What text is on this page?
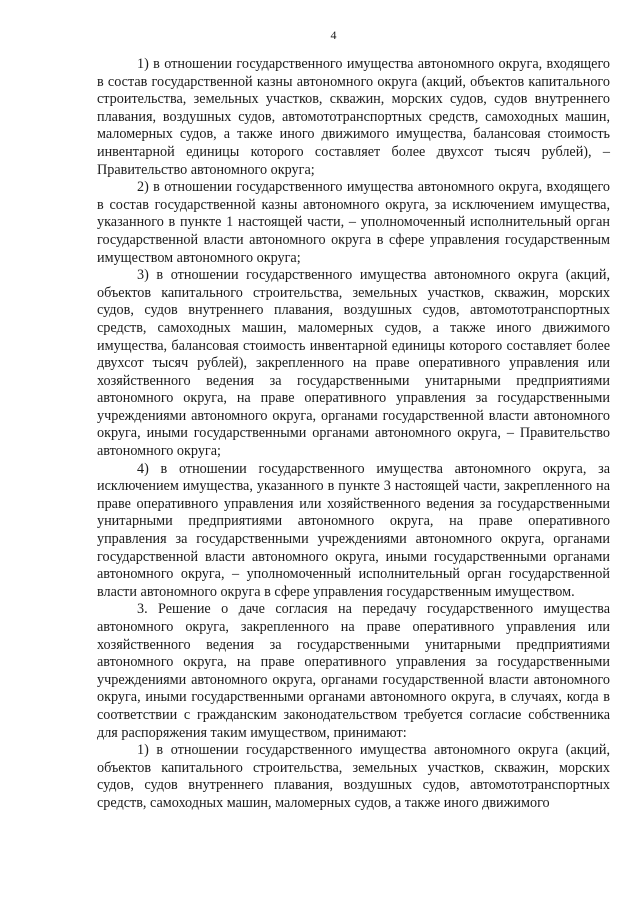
4

1) в отношении государственного имущества автономного округа, входящего в состав государственной казны автономного округа (акций, объектов капитального строительства, земельных участков, скважин, морских судов, судов внутреннего плавания, воздушных судов, автомототранспортных средств, самоходных машин, маломерных судов, а также иного движимого имущества, балансовая стоимость инвентарной единицы которого составляет более двухсот тысяч рублей), – Правительство автономного округа;

2) в отношении государственного имущества автономного округа, входящего в состав государственной казны автономного округа, за исключением имущества, указанного в пункте 1 настоящей части, – уполномоченный исполнительный орган государственной власти автономного округа в сфере управления государственным имуществом автономного округа;

3) в отношении государственного имущества автономного округа (акций, объектов капитального строительства, земельных участков, скважин, морских судов, судов внутреннего плавания, воздушных судов, автомототранспортных средств, самоходных машин, маломерных судов, а также иного движимого имущества, балансовая стоимость инвентарной единицы которого составляет более двухсот тысяч рублей), закрепленного на праве оперативного управления или хозяйственного ведения за государственными унитарными предприятиями автономного округа, на праве оперативного управления за государственными учреждениями автономного округа, органами государственной власти автономного округа, иными государственными органами автономного округа, – Правительство автономного округа;

4) в отношении государственного имущества автономного округа, за исключением имущества, указанного в пункте 3 настоящей части, закрепленного на праве оперативного управления или хозяйственного ведения за государственными унитарными предприятиями автономного округа, на праве оперативного управления за государственными учреждениями автономного округа, органами государственной власти автономного округа, иными государственными органами автономного округа, – уполномоченный исполнительный орган государственной власти автономного округа в сфере управления государственным имуществом.

3. Решение о даче согласия на передачу государственного имущества автономного округа, закрепленного на праве оперативного управления или хозяйственного ведения за государственными унитарными предприятиями автономного округа, на праве оперативного управления за государственными учреждениями автономного округа, органами государственной власти автономного округа, иными государственными органами автономного округа, в случаях, когда в соответствии с гражданским законодательством требуется согласие собственника для распоряжения таким имуществом, принимают:

1) в отношении государственного имущества автономного округа (акций, объектов капитального строительства, земельных участков, скважин, морских судов, судов внутреннего плавания, воздушных судов, автомототранспортных средств, самоходных машин, маломерных судов, а также иного движимого
